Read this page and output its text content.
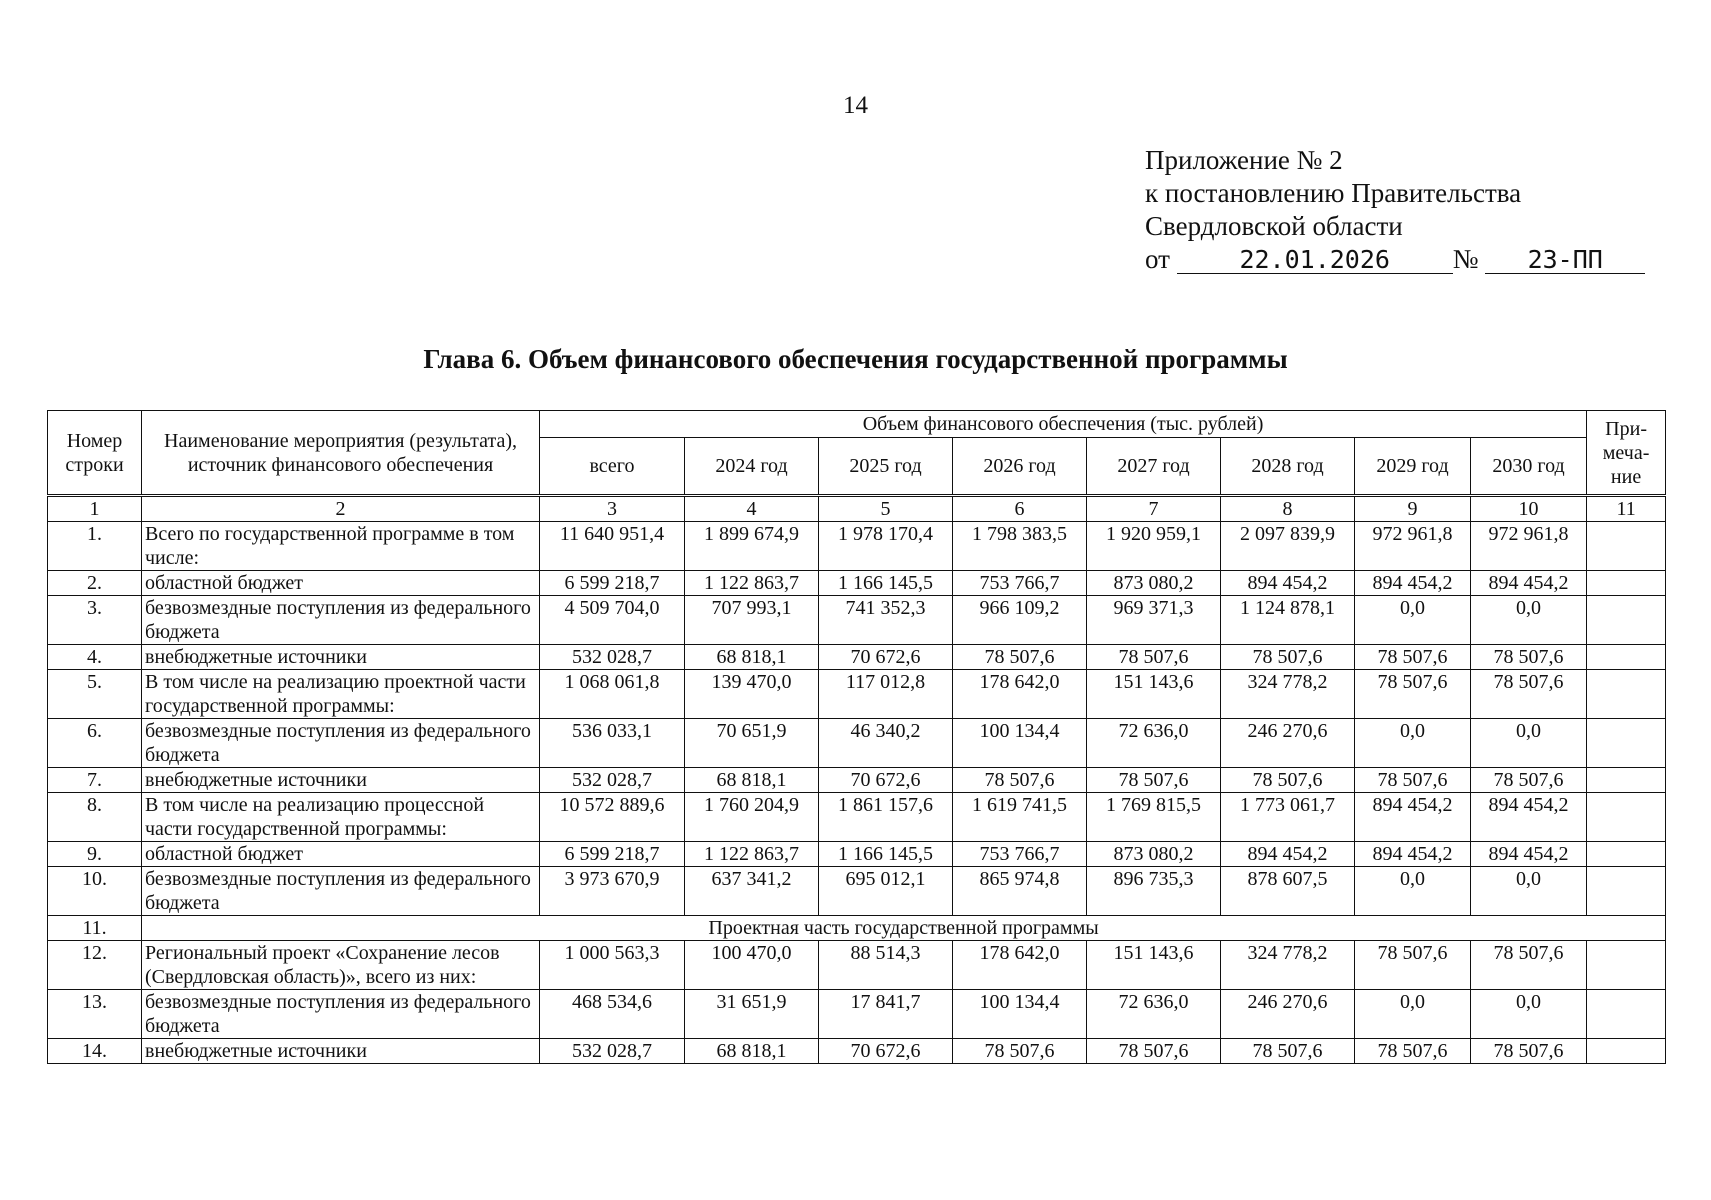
14
Приложение № 2
к постановлению Правительства
Свердловской области
от	22.01.2026 № 23-ПП
Глава 6. Объем финансового обеспечения государственной программы
Номер строки	Наименование мероприятия (результата), источник финансового обеспечения	Объем финансового обеспечения (тыс. рублей)								При-меча-ние
		всего	2024 год	2025 год	2026 год	2027 год	2028 год	2029 год	2030 год	
1	2	3	4	5	6	7	8	9	10	11
1.	Всего по государственной программе в том числе:	11 640 951,4	1 899 674,9	1 978 170,4	1 798 383,5	1 920 959,1	2 097 839,9	972 961,8	972 961,8	
2.	областной бюджет	6 599 218,7	1 122 863,7	1 166 145,5	753 766,7	873 080,2	894 454,2	894 454,2	894 454,2	
3.	безвозмездные поступления из федерального бюджета	4 509 704,0	707 993,1	741 352,3	966 109,2	969 371,3	1 124 878,1	0,0	0,0	
4.	внебюджетные источники	532 028,7	68 818,1	70 672,6	78 507,6	78 507,6	78 507,6	78 507,6	78 507,6	
5.	В том числе на реализацию проектной части государственной программы:	1 068 061,8	139 470,0	117 012,8	178 642,0	151 143,6	324 778,2	78 507,6	78 507,6	
6.	безвозмездные поступления из федерального бюджета	536 033,1	70 651,9	46 340,2	100 134,4	72 636,0	246 270,6	0,0	0,0	
7.	внебюджетные источники	532 028,7	68 818,1	70 672,6	78 507,6	78 507,6	78 507,6	78 507,6	78 507,6	
8.	В том числе на реализацию процессной части государственной программы:	10 572 889,6	1 760 204,9	1 861 157,6	1 619 741,5	1 769 815,5	1 773 061,7	894 454,2	894 454,2	
9.	областной бюджет	6 599 218,7	1 122 863,7	1 166 145,5	753 766,7	873 080,2	894 454,2	894 454,2	894 454,2	
10.	безвозмездные поступления из федерального бюджета	3 973 670,9	637 341,2	695 012,1	865 974,8	896 735,3	878 607,5	0,0	0,0	
11.	Проектная часть государственной программы									
12.	Региональный проект «Сохранение лесов (Свердловская область)», всего из них:	1 000 563,3	100 470,0	88 514,3	178 642,0	151 143,6	324 778,2	78 507,6	78 507,6	
13.	безвозмездные поступления из федерального бюджета	468 534,6	31 651,9	17 841,7	100 134,4	72 636,0	246 270,6	0,0	0,0	
14.	внебюджетные источники	532 028,7	68 818,1	70 672,6	78 507,6	78 507,6	78 507,6	78 507,6	78 507,6	
